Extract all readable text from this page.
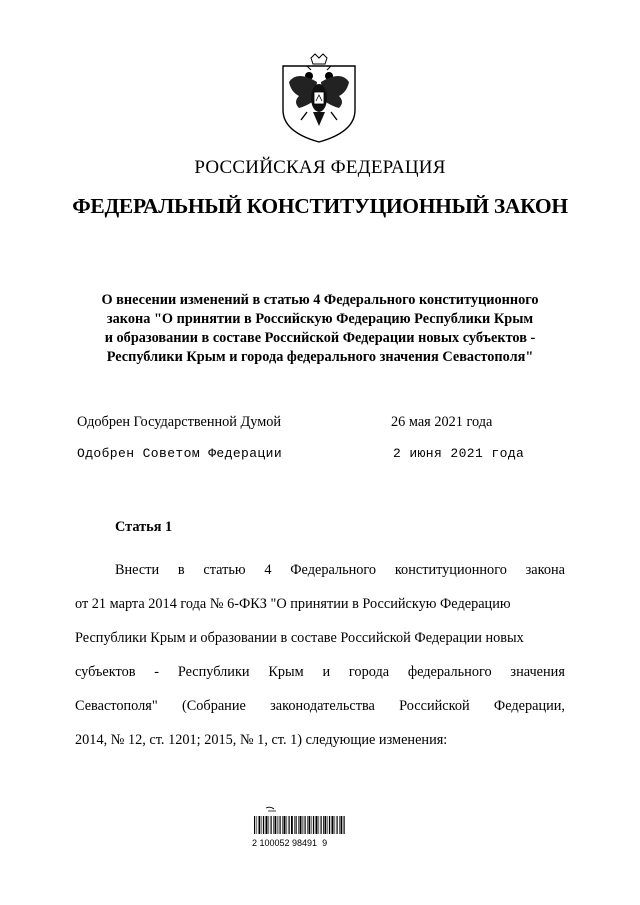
РОССИЙСКАЯ ФЕДЕРАЦИЯ
ФЕДЕРАЛЬНЫЙ КОНСТИТУЦИОННЫЙ ЗАКОН
О внесении изменений в статью 4 Федерального конституционного
закона "О принятии в Российскую Федерацию Республики Крым
и образовании в составе Российской Федерации новых субъектов -
Республики Крым и города федерального значения Севастополя"
Одобрен Государственной Думой	26 мая 2021 года
Одобрен Советом Федерации	2 июня 2021 года
Статья 1
Внести в статью 4 Федерального конституционного закона
от 21 марта 2014 года № 6-ФКЗ "О принятии в Российскую Федерацию
Республики Крым и образовании в составе Российской Федерации новых
субъектов - Республики Крым и города федерального значения
Севастополя" (Собрание законодательства Российской Федерации,
2014, № 12, ст. 1201; 2015, № 1, ст. 1) следующие изменения:
2 100052 98491  9
